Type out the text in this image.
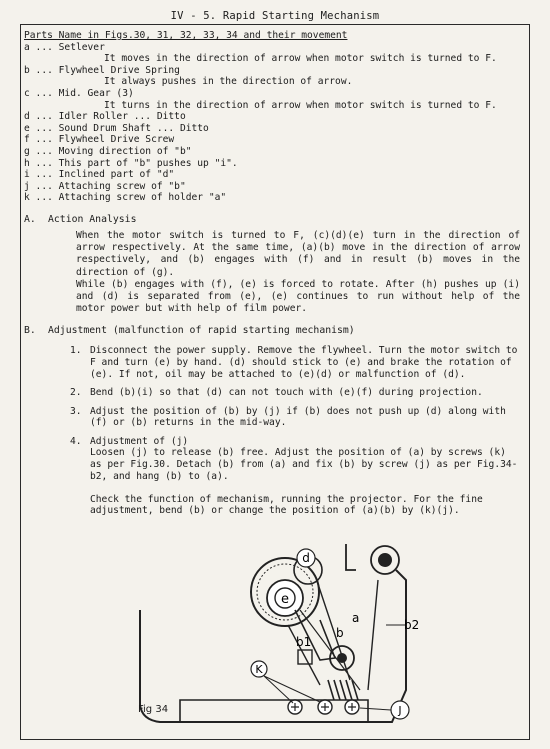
IV - 5. Rapid Starting Mechanism
Parts Name in Figs.30, 31, 32, 33, 34 and their movement
a ... Setlever
It moves in the direction of arrow when motor switch is turned to F.
b ... Flywheel Drive Spring
It always pushes in the direction of arrow.
c ... Mid. Gear (3)
It turns in the direction of arrow when motor switch is turned to F.
d ... Idler Roller ... Ditto
e ... Sound Drum Shaft ... Ditto
f ... Flywheel Drive Screw
g ... Moving direction of "b"
h ... This part of "b" pushes up "i".
i ... Inclined part of "d"
j ... Attaching screw of "b"
k ... Attaching screw of holder "a"
A. Action Analysis
When the motor switch is turned to F, (c)(d)(e) turn in the direction of arrow respectively. At the same time, (a)(b) move in the direction of arrow respectively, and (b) engages with (f) and in result (b) moves in the direction of (g).
While (b) engages with (f), (e) is forced to rotate. After (h) pushes up (i) and (d) is separated from (e), (e) continues to run without help of the motor power but with help of film power.
B. Adjustment (malfunction of rapid starting mechanism)
1. Disconnect the power supply. Remove the flywheel. Turn the motor switch to F and turn (e) by hand. (d) should stick to (e) and brake the rotation of (e). If not, oil may be attached to (e)(d) or malfunction of (d).
2. Bend (b)(i) so that (d) can not touch with (e)(f) during projection.
3. Adjust the position of (b) by (j) if (b) does not push up (d) along with (f) or (b) returns in the mid-way.
4. Adjustment of (j)
Loosen (j) to release (b) free. Adjust the position of (a) by screws (k) as per Fig.30. Detach (b) from (a) and fix (b) by screw (j) as per Fig.34-b2, and hang (b) to (a).

Check the function of mechanism, running the projector. For the fine adjustment, bend (b) or change the position of (a)(b) by (k)(j).
d
e
a
b
b1
b2
K
J
Fig 34
